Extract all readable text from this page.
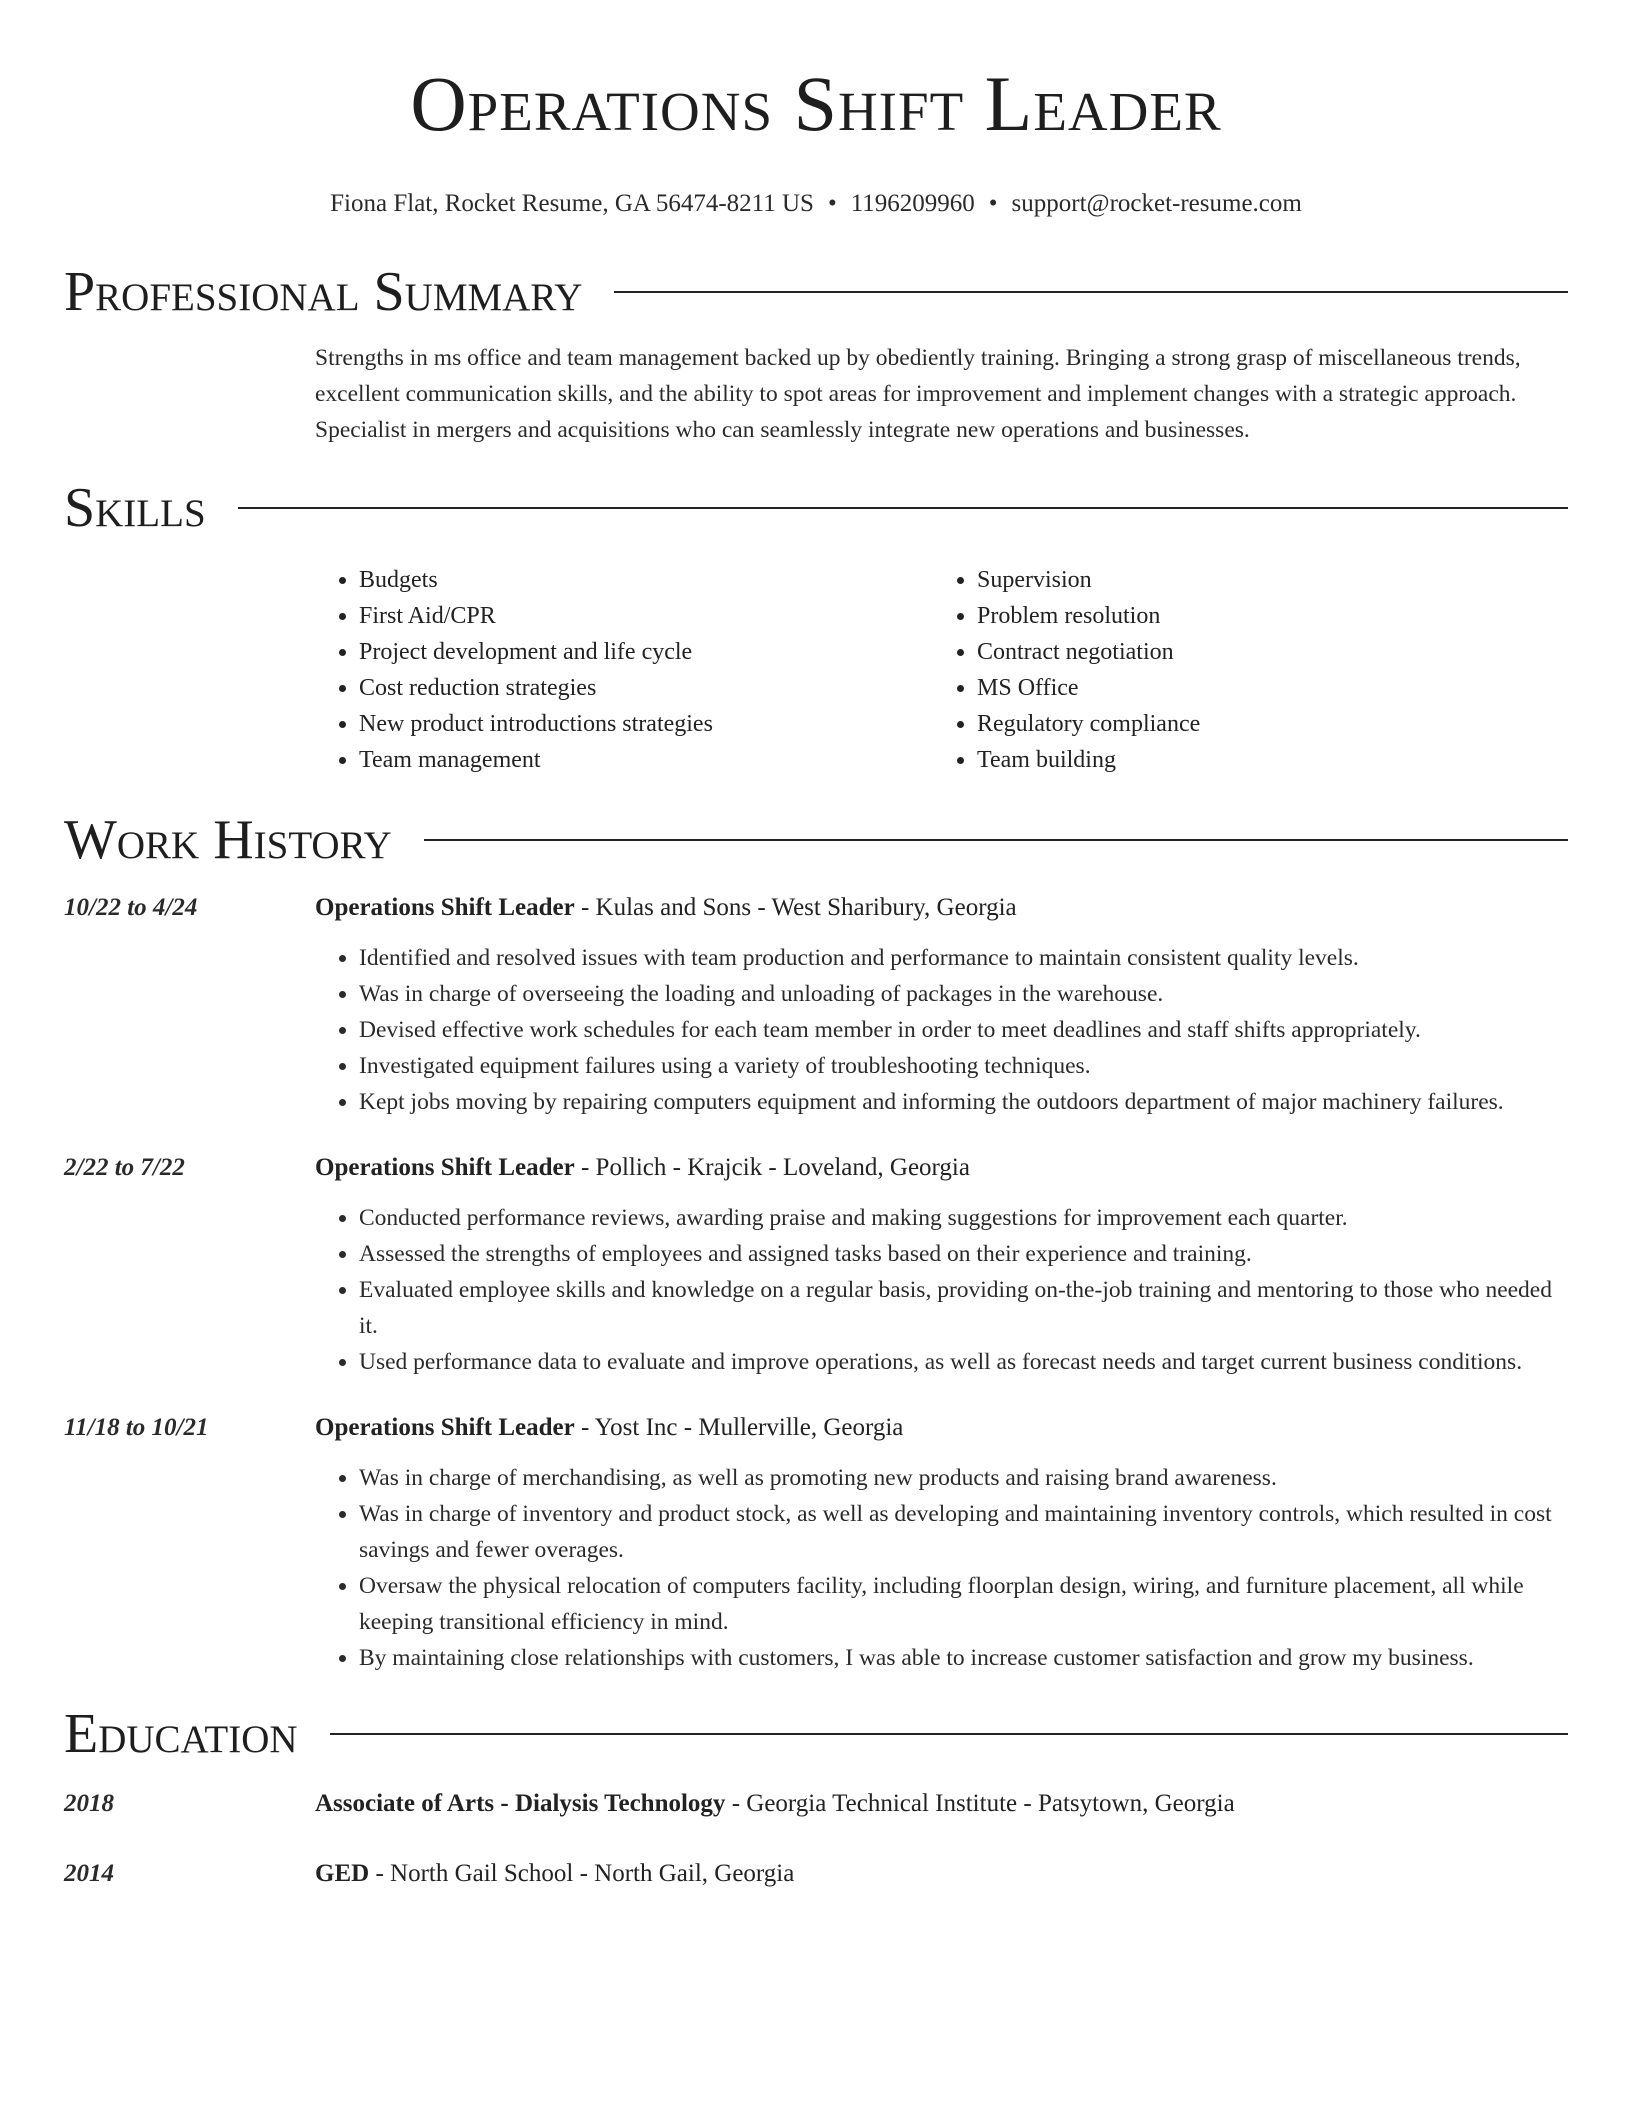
Operations Shift Leader
Fiona Flat, Rocket Resume, GA 56474-8211 US • 1196209960 • support@rocket-resume.com
Professional Summary
Strengths in ms office and team management backed up by obediently training. Bringing a strong grasp of miscellaneous trends, excellent communication skills, and the ability to spot areas for improvement and implement changes with a strategic approach. Specialist in mergers and acquisitions who can seamlessly integrate new operations and businesses.
Skills
• Budgets
• First Aid/CPR
• Project development and life cycle
• Cost reduction strategies
• New product introductions strategies
• Team management
• Supervision
• Problem resolution
• Contract negotiation
• MS Office
• Regulatory compliance
• Team building
Work History
10/22 to 4/24	Operations Shift Leader - Kulas and Sons - West Sharibury, Georgia
• Identified and resolved issues with team production and performance to maintain consistent quality levels.
• Was in charge of overseeing the loading and unloading of packages in the warehouse.
• Devised effective work schedules for each team member in order to meet deadlines and staff shifts appropriately.
• Investigated equipment failures using a variety of troubleshooting techniques.
• Kept jobs moving by repairing computers equipment and informing the outdoors department of major machinery failures.
2/22 to 7/22	Operations Shift Leader - Pollich - Krajcik - Loveland, Georgia
• Conducted performance reviews, awarding praise and making suggestions for improvement each quarter.
• Assessed the strengths of employees and assigned tasks based on their experience and training.
• Evaluated employee skills and knowledge on a regular basis, providing on-the-job training and mentoring to those who needed it.
• Used performance data to evaluate and improve operations, as well as forecast needs and target current business conditions.
11/18 to 10/21	Operations Shift Leader - Yost Inc - Mullerville, Georgia
• Was in charge of merchandising, as well as promoting new products and raising brand awareness.
• Was in charge of inventory and product stock, as well as developing and maintaining inventory controls, which resulted in cost savings and fewer overages.
• Oversaw the physical relocation of computers facility, including floorplan design, wiring, and furniture placement, all while keeping transitional efficiency in mind.
• By maintaining close relationships with customers, I was able to increase customer satisfaction and grow my business.
Education
2018	Associate of Arts - Dialysis Technology - Georgia Technical Institute - Patsytown, Georgia
2014	GED - North Gail School - North Gail, Georgia
